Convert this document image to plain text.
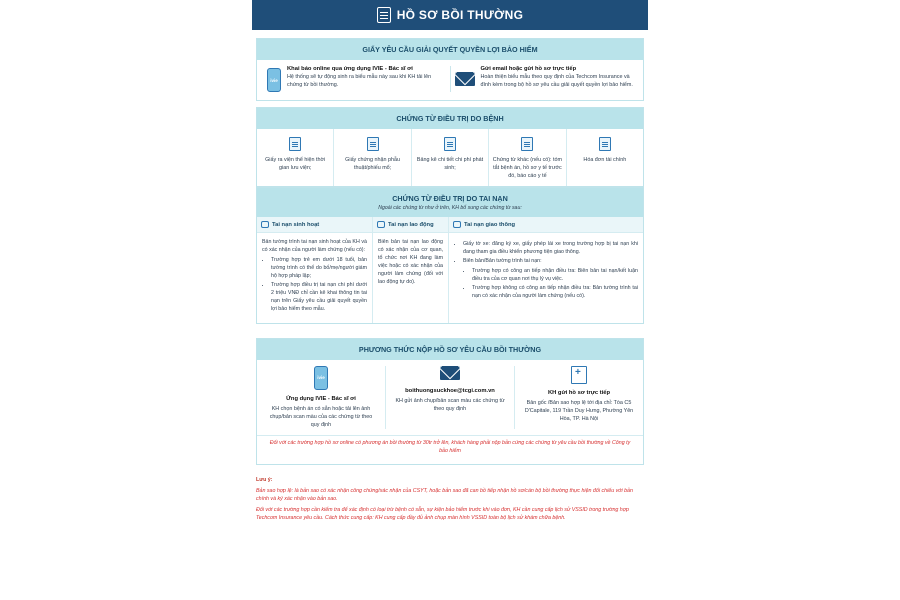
HỒ SƠ BỒI THƯỜNG
GIẤY YÊU CẦU GIẢI QUYẾT QUYỀN LỢI BẢO HIỂM
ivie
Khai báo online qua ứng dụng IVIE - Bác sĩ ơi
Hệ thống sẽ tự động sinh ra biểu mẫu này sau khi KH tải lên chứng từ bồi thường.
Gửi email hoặc gửi hồ sơ trực tiếp
Hoàn thiện biểu mẫu theo quy định của Techcom Insurance và đính kèm trong bộ hồ sơ yêu cầu giải quyết quyền lợi bảo hiểm.
CHỨNG TỪ ĐIỀU TRỊ DO BỆNH
Giấy ra viện thể hiện thời gian lưu viện;
Giấy chứng nhận phẫu thuật/phiếu mổ;
Bảng kê chi tiết chi phí phát sinh;
Chứng từ khác (nếu có): tóm tắt bệnh án, hồ sơ y tế trước đó, báo cáo y tế
Hóa đơn tài chính
CHỨNG TỪ ĐIỀU TRỊ DO TAI NẠN
Ngoài các chứng từ như ở trên, KH bổ sung các chứng từ sau:
Tai nạn sinh hoạt

Bản tường trình tai nạn sinh hoạt của KH và có xác nhận của người làm chứng (nếu có):

• Trường hợp trẻ em dưới 18 tuổi, bản tường trình có thể do bố/mẹ/người giám hộ hợp pháp lập;
• Trường hợp điều trị tai nạn chi phí dưới 2 triệu VNĐ chỉ cần kê khai thông tin tai nạn trên Giấy yêu cầu giải quyết quyền lợi bảo hiểm theo mẫu.
Tai nạn lao động

Biên bản tai nạn lao động có xác nhận của cơ quan, tổ chức nơi KH đang làm việc hoặc có xác nhận của người làm chứng (đối với lao động tự do).

Tai nạn giao thông
• Giấy tờ xe: đăng ký xe, giấy phép lái xe trong trường hợp bị tai nạn khi đang tham gia điều khiển phương tiện giao thông.
• Biên bản/Bản tường trình tai nạn:
• Trường hợp có công an tiếp nhận điều tra: Biên bản tai nạn/kết luận điều tra của cơ quan nơi thụ lý vụ việc.
• Trường hợp không có công an tiếp nhận điều tra: Bản tường trình tai nạn có xác nhận của người làm chứng (nếu có).
PHƯƠNG THỨC NỘP HỒ SƠ YÊU CẦU BỒI THƯỜNG
ivie
Ứng dụng IVIE - Bác sĩ ơi
KH chọn bệnh án có sẵn hoặc tải lên ảnh chụp/bản scan màu của các chứng từ theo quy định
boithuongsuckhoe@tcgi.com.vn
KH gửi ảnh chụp/bản scan màu các chứng từ theo quy định
+
KH gửi hồ sơ trực tiếp
Bản gốc /Bản sao hợp lệ tới địa chỉ: Tòa C5 D'Capitale, 119 Trần Duy Hưng, Phường Yên Hòa, TP. Hà Nội
Đối với các trường hợp hồ sơ online có phương án bồi thường từ 30tr trở lên, khách hàng phải nộp bản cứng các chứng từ yêu cầu bồi thường về Công ty bảo hiểm
Lưu ý:

Bản sao hợp lệ: là bản sao có xác nhận công chứng/xác nhận của CSYT, hoặc bản sao đã can bồ tiếp nhận hồ sơ/cán bộ bồi thường thực hiện đối chiếu với bản chính và ký xác nhận vào bản sao.

Đối với các trường hợp cần kiểm tra để xác định có loại trừ bệnh có sẵn, sự kiện bảo hiểm trước khi vào đơn, KH cần cung cấp lịch sử VSSID trong trường hợp Techcom Insurance yêu cầu. Cách thức cung cấp: KH cung cấp đầy đủ ảnh chụp màn hình VSSID toàn bộ lịch sử khám chữa bệnh.
